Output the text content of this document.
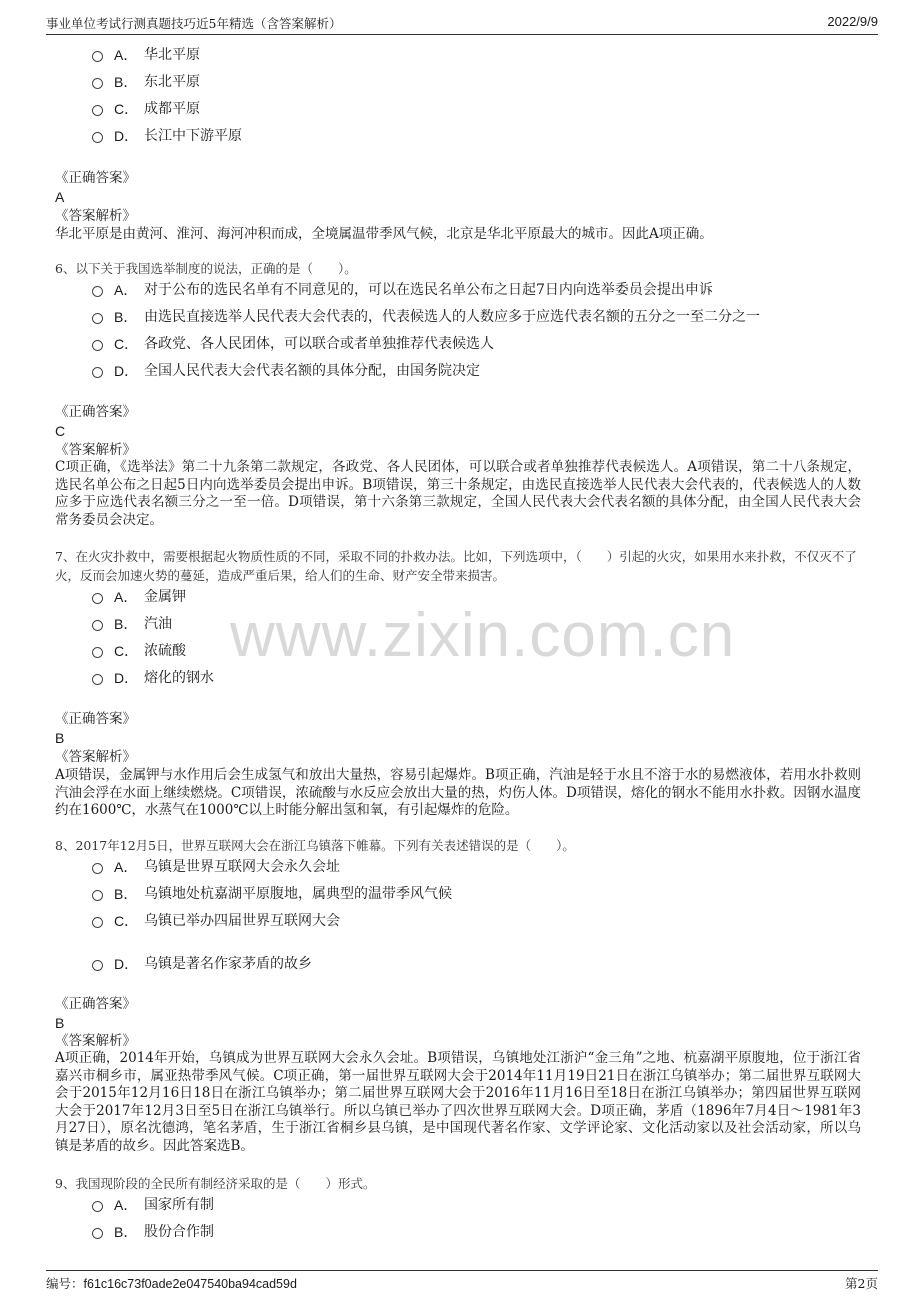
事业单位考试行测真题技巧近5年精选（含答案解析）	2022/9/9
www.zixin.com.cn
A． 华北平原
B． 东北平原
C． 成都平原
D． 长江中下游平原
《正确答案》
A
《答案解析》
华北平原是由黄河、淮河、海河冲积而成，全境属温带季风气候，北京是华北平原最大的城市。因此A项正确。
6、以下关于我国选举制度的说法，正确的是（　　）。
A． 对于公布的选民名单有不同意见的，可以在选民名单公布之日起7日内向选举委员会提出申诉
B． 由选民直接选举人民代表大会代表的，代表候选人的人数应多于应选代表名额的五分之一至二分之一
C． 各政党、各人民团体，可以联合或者单独推荐代表候选人
D． 全国人民代表大会代表名额的具体分配，由国务院决定
《正确答案》
C
《答案解析》
C项正确，《选举法》第二十九条第二款规定，各政党、各人民团体，可以联合或者单独推荐代表候选人。A项错误，第二十八条规定，选民名单公布之日起5日内向选举委员会提出申诉。B项错误，第三十条规定，由选民直接选举人民代表大会代表的，代表候选人的人数应多于应选代表名额三分之一至一倍。D项错误，第十六条第三款规定，全国人民代表大会代表名额的具体分配，由全国人民代表大会常务委员会决定。
7、在火灾扑救中，需要根据起火物质性质的不同，采取不同的扑救办法。比如，下列选项中，（　　）引起的火灾，如果用水来扑救，不仅灭不了火，反而会加速火势的蔓延，造成严重后果，给人们的生命、财产安全带来损害。
A． 金属钾
B． 汽油
C． 浓硫酸
D． 熔化的钢水
《正确答案》
B
《答案解析》
A项错误，金属钾与水作用后会生成氢气和放出大量热，容易引起爆炸。B项正确，汽油是轻于水且不溶于水的易燃液体，若用水扑救则汽油会浮在水面上继续燃烧。C项错误，浓硫酸与水反应会放出大量的热，灼伤人体。D项错误，熔化的钢水不能用水扑救。因钢水温度约在1600℃，水蒸气在1000℃以上时能分解出氢和氧，有引起爆炸的危险。
8、2017年12月5日，世界互联网大会在浙江乌镇落下帷幕。下列有关表述错误的是（　　）。
A． 乌镇是世界互联网大会永久会址
B． 乌镇地处杭嘉湖平原腹地，属典型的温带季风气候
C． 乌镇已举办四届世界互联网大会
D． 乌镇是著名作家茅盾的故乡
《正确答案》
B
《答案解析》
A项正确，2014年开始，乌镇成为世界互联网大会永久会址。B项错误，乌镇地处江浙沪“金三角”之地、杭嘉湖平原腹地，位于浙江省嘉兴市桐乡市，属亚热带季风气候。C项正确，第一届世界互联网大会于2014年11月19日21日在浙江乌镇举办；第二届世界互联网大会于2015年12月16日18日在浙江乌镇举办；第二届世界互联网大会于2016年11月16日至18日在浙江乌镇举办；第四届世界互联网大会于2017年12月3日至5日在浙江乌镇举行。所以乌镇已举办了四次世界互联网大会。D项正确，茅盾（1896年7月4日～1981年3月27日），原名沈德鸿，笔名茅盾，生于浙江省桐乡县乌镇，是中国现代著名作家、文学评论家、文化活动家以及社会活动家，所以乌镇是茅盾的故乡。因此答案选B。
9、我国现阶段的全民所有制经济采取的是（　　）形式。
A． 国家所有制
B． 股份合作制
编号：f61c16c73f0ade2e047540ba94cad59d	第2页
